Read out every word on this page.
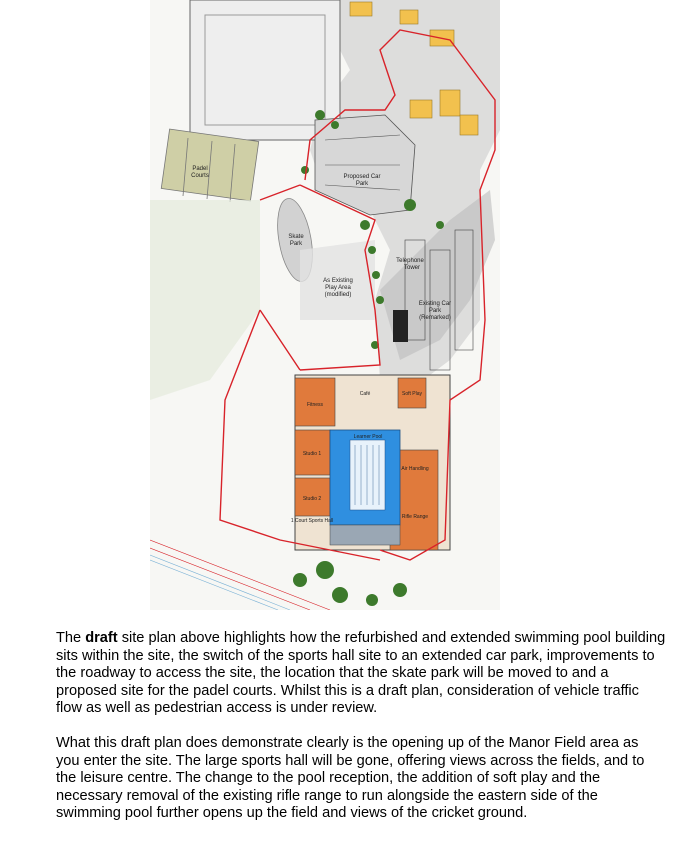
Padel
Courts
Skate
Park
As Existing
Play Area
(modified)
Proposed Car
Park
Existing Car
Park
(Remarked)
Telephone
Tower
Café	Soft Play
Fitness
Learner Pool
Studio 1
Studio 2
1 Court Sports Hall
Air Handling
Rifle Range

The draft site plan above highlights how the refurbished and extended swimming pool building sits within the site, the switch of the sports hall site to an extended car park, improvements to the roadway to access the site, the location that the skate park will be moved to and a proposed site for the padel courts. Whilst this is a draft plan, consideration of vehicle traffic flow as well as pedestrian access is under review.

What this draft plan does demonstrate clearly is the opening up of the Manor Field area as you enter the site. The large sports hall will be gone, offering views across the fields, and to the leisure centre. The change to the pool reception, the addition of soft play and the necessary removal of the existing rifle range to run alongside the eastern side of the swimming pool further opens up the field and views of the cricket ground.
